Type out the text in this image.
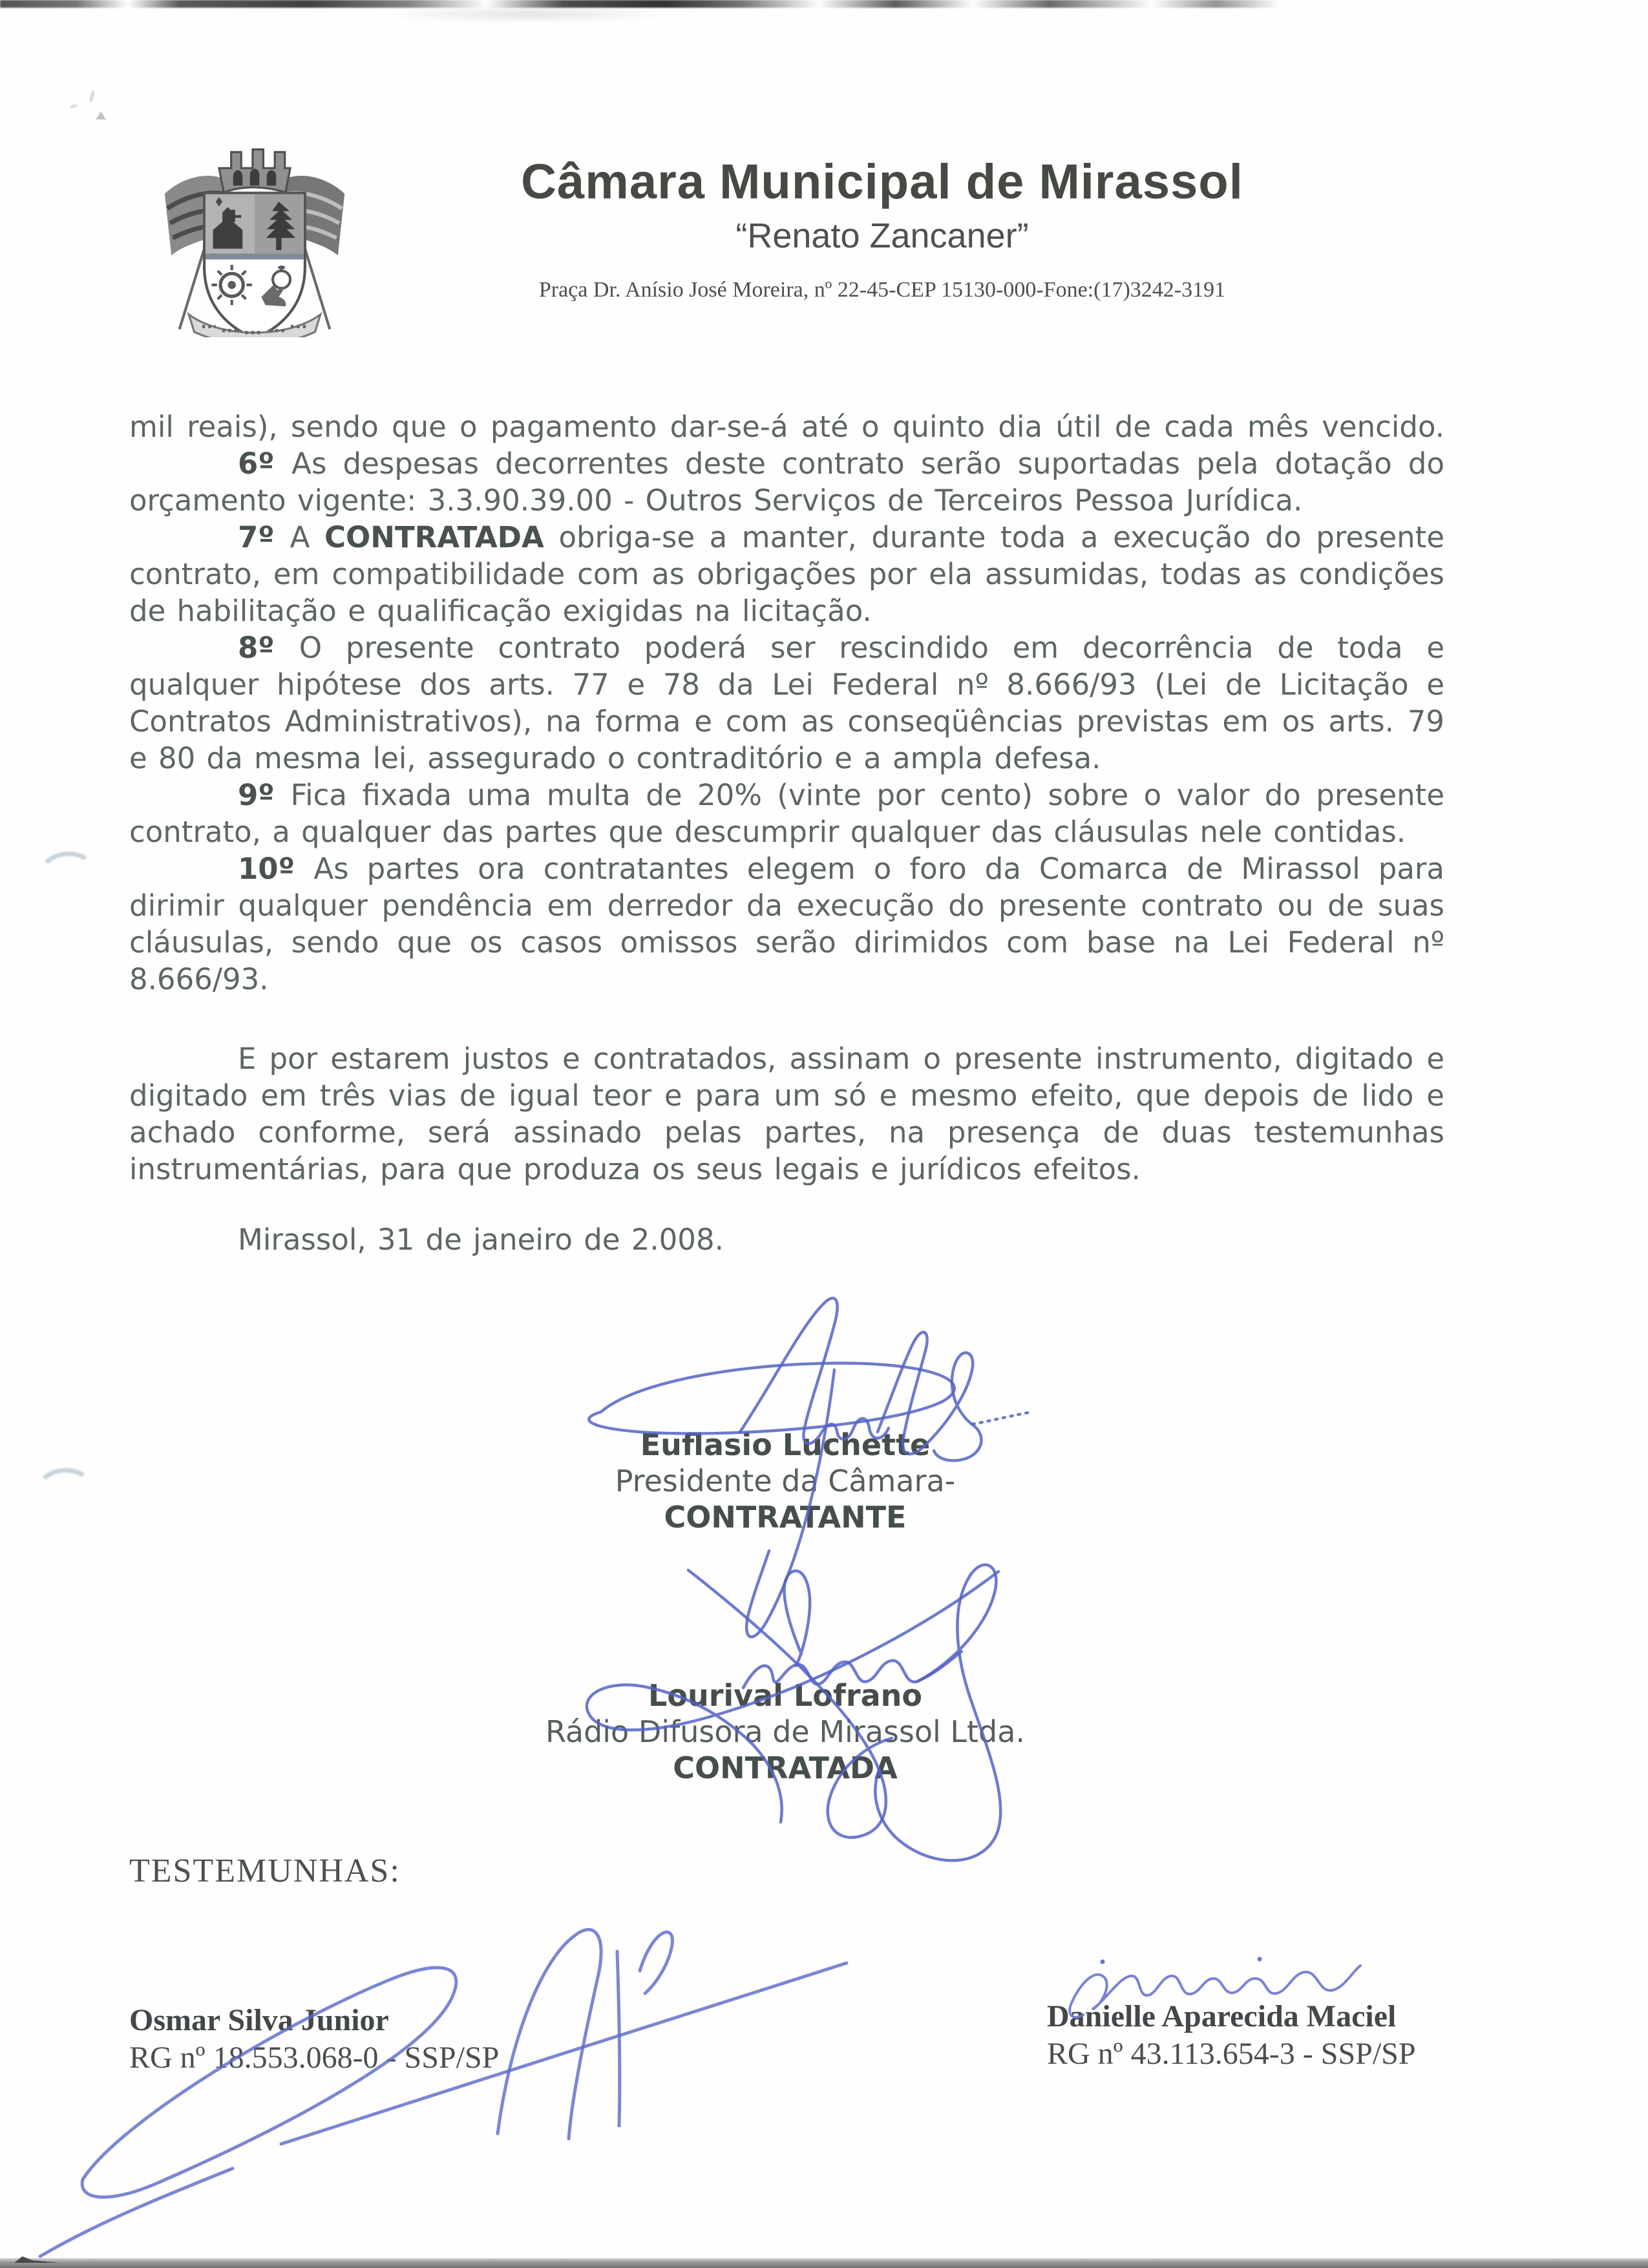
Câmara Municipal de Mirassol
“Renato Zancaner”
Praça Dr. Anísio José Moreira, nº 22-45-CEP 15130-000-Fone:(17)3242-3191

mil reais), sendo que o pagamento dar-se-á até o quinto dia útil de cada mês vencido.

6º As despesas decorrentes deste contrato serão suportadas pela dotação do orçamento vigente: 3.3.90.39.00 - Outros Serviços de Terceiros Pessoa Jurídica.

7º A CONTRATADA obriga-se a manter, durante toda a execução do presente contrato, em compatibilidade com as obrigações por ela assumidas, todas as condições de habilitação e qualificação exigidas na licitação.

8º O presente contrato poderá ser rescindido em decorrência de toda e qualquer hipótese dos arts. 77 e 78 da Lei Federal nº 8.666/93 (Lei de Licitação e Contratos Administrativos), na forma e com as conseqüências previstas em os arts. 79 e 80 da mesma lei, assegurado o contraditório e a ampla defesa.

9º Fica fixada uma multa de 20% (vinte por cento) sobre o valor do presente contrato, a qualquer das partes que descumprir qualquer das cláusulas nele contidas.

10º As partes ora contratantes elegem o foro da Comarca de Mirassol para dirimir qualquer pendência em derredor da execução do presente contrato ou de suas cláusulas, sendo que os casos omissos serão dirimidos com base na Lei Federal nº 8.666/93.

E por estarem justos e contratados, assinam o presente instrumento, digitado e digitado em três vias de igual teor e para um só e mesmo efeito, que depois de lido e achado conforme, será assinado pelas partes, na presença de duas testemunhas instrumentárias, para que produza os seus legais e jurídicos efeitos.

Mirassol, 31 de janeiro de 2.008.

Euflasio Luchette
Presidente da Câmara-
CONTRATANTE
Lourival Lofrano
Rádio Difusora de Mirassol Ltda.
CONTRATADA
TESTEMUNHAS:
Osmar Silva Junior
RG nº 18.553.068-0 - SSP/SP
Danielle Aparecida Maciel
RG nº 43.113.654-3 - SSP/SP
